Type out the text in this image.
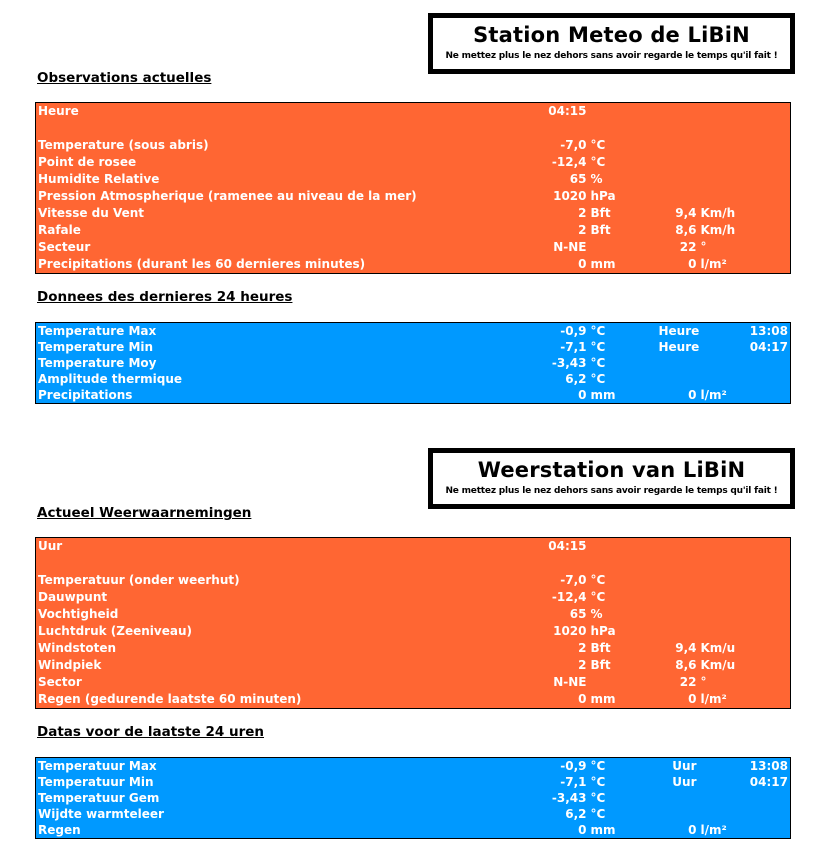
Station Meteo de LiBiN
Ne mettez plus le nez dehors sans avoir regarde le temps qu'il fait !
Observations actuelles
Heure	04:15			

Temperature (sous abris)	-7,0	°C		
Point de rosee	-12,4	°C		
Humidite Relative	65	%		
Pression Atmospherique (ramenee au niveau de la mer)	1020	hPa		
Vitesse du Vent	2	Bft	9,4	Km/h
Rafale	2	Bft	8,6	Km/h
Secteur	N-NE		22	°
Precipitations (durant les 60 dernieres minutes)	0	mm	0	l/m²
Donnees des dernieres 24 heures
Temperature Max	-0,9	°C	Heure	13:08
Temperature Min	-7,1	°C	Heure	04:17
Temperature Moy	-3,43	°C		
Amplitude thermique	6,2	°C		
Precipitations	0	mm	0	l/m²
Weerstation van LiBiN
Ne mettez plus le nez dehors sans avoir regarde le temps qu'il fait !
Actueel Weerwaarnemingen
Uur	04:15			

Temperatuur (onder weerhut)	-7,0	°C		
Dauwpunt	-12,4	°C		
Vochtigheid	65	%		
Luchtdruk (Zeeniveau)	1020	hPa		
Windstoten	2	Bft	9,4	Km/u
Windpiek	2	Bft	8,6	Km/u
Sector	N-NE		22	°
Regen (gedurende laatste 60 minuten)	0	mm	0	l/m²
Datas voor de laatste 24 uren
Temperatuur Max	-0,9	°C	Uur	13:08
Temperatuur Min	-7,1	°C	Uur	04:17
Temperatuur Gem	-3,43	°C		
Wijdte warmteleer	6,2	°C		
Regen	0	mm	0	l/m²
